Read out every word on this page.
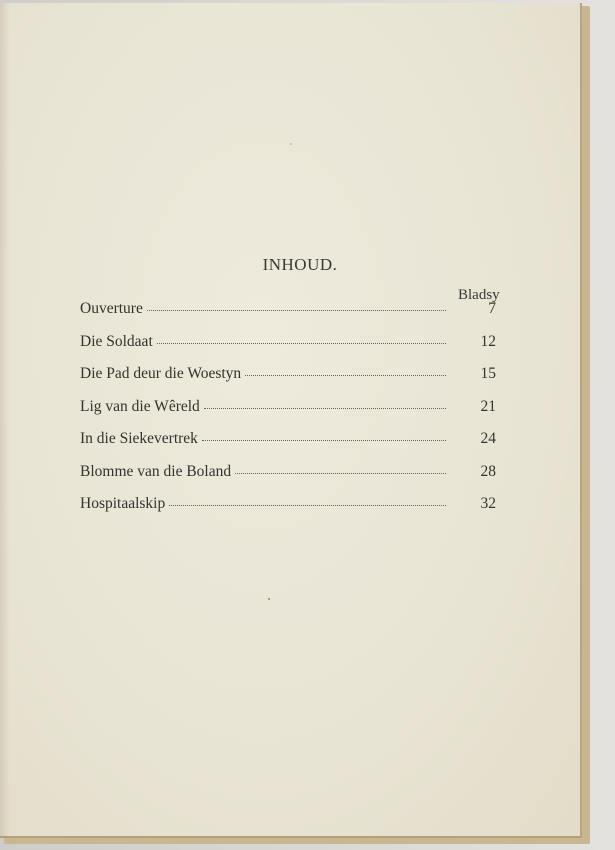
INHOUD.
Bladsy
Ouverture	7
Die Soldaat	12
Die Pad deur die Woestyn	15
Lig van die Wêreld	21
In die Siekevertrek	24
Blomme van die Boland	28
Hospitaalskip	32
